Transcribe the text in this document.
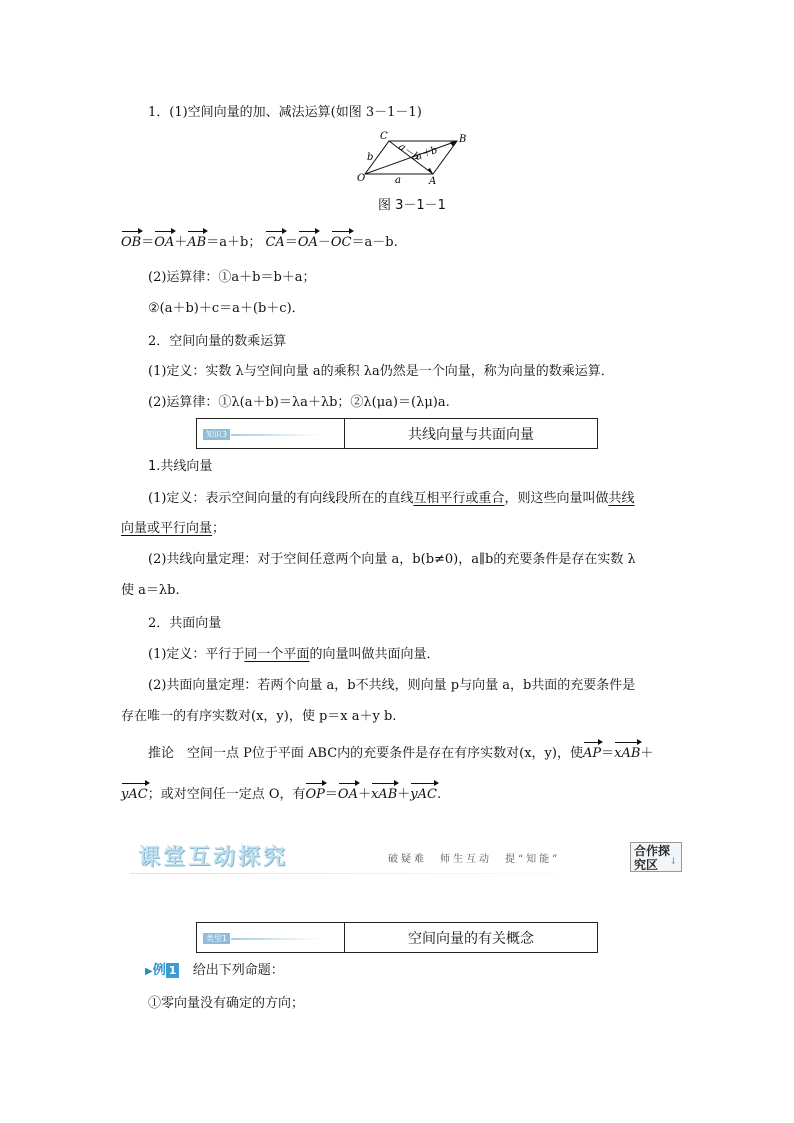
1．(1)空间向量的加、减法运算(如图 3－1－1)
C	B
O	A
a
b a－b
a＋b
图 3－1－1
OB＝OA＋AB＝a＋b； CA＝OA－OC＝a－b.
(2)运算律：①a＋b＝b＋a；
②(a＋b)＋c＝a＋(b＋c)．
2．空间向量的数乘运算
(1)定义：实数 λ与空间向量 a的乘积 λa仍然是一个向量，称为向量的数乘运算．
(2)运算律：①λ(a＋b)＝λa＋λb；②λ(μa)＝(λμ)a.
知识3	共线向量与共面向量
1.共线向量
(1)定义：表示空间向量的有向线段所在的直线互相平行或重合，则这些向量叫做共线
向量或平行向量；
(2)共线向量定理：对于空间任意两个向量 a，b(b≠0)，a∥b的充要条件是存在实数 λ
使 a＝λb.
2．共面向量
(1)定义：平行于同一个平面的向量叫做共面向量．
(2)共面向量定理：若两个向量 a，b不共线，则向量 p与向量 a，b共面的充要条件是
存在唯一的有序实数对(x，y)，使 p＝x a＋y b.
推论　空间一点 P位于平面 ABC内的充要条件是存在有序实数对(x，y)，使AP＝xAB＋
yAC；或对空间任一定点 O，有OP＝OA＋xAB＋yAC.
课堂互动探究	破疑难　师生互动　提“知能”
合作探
究区	↓
类型1	空间向量的有关概念
▶例 1 给出下列命题：
①零向量没有确定的方向；
